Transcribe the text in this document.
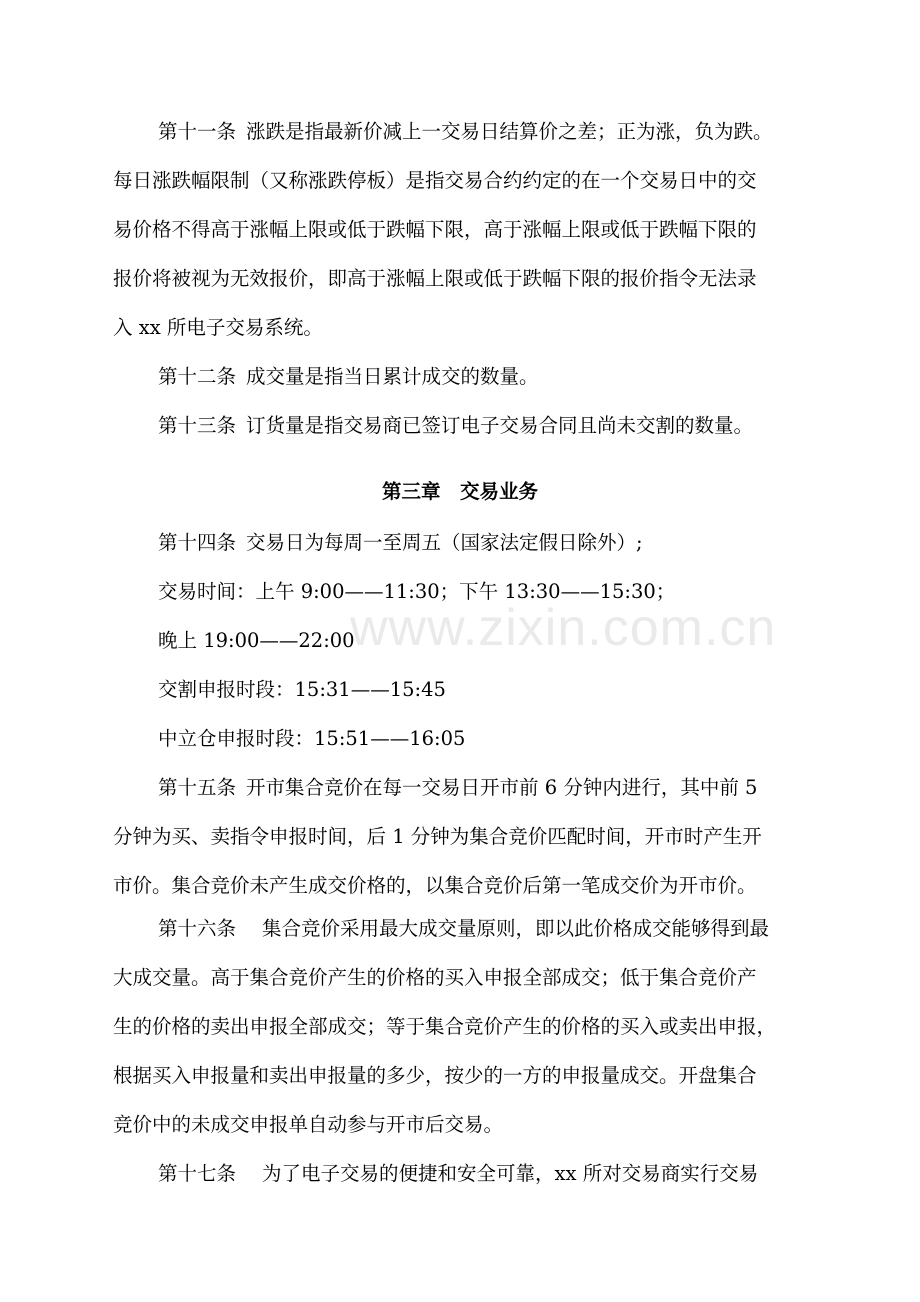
www.zixin.com.cn
第十一条 涨跌是指最新价减上一交易日结算价之差；正为涨，负为跌。
每日涨跌幅限制（又称涨跌停板）是指交易合约约定的在一个交易日中的交
易价格不得高于涨幅上限或低于跌幅下限，高于涨幅上限或低于跌幅下限的
报价将被视为无效报价，即高于涨幅上限或低于跌幅下限的报价指令无法录
入 xx 所电子交易系统。
第十二条 成交量是指当日累计成交的数量。
第十三条 订货量是指交易商已签订电子交易合同且尚未交割的数量。
第三章　交易业务
第十四条 交易日为每周一至周五（国家法定假日除外）;
交易时间：上午 9:00——11:30；下午 13:30——15:30；
晚上 19:00——22:00
交割申报时段：15:31——15:45
中立仓申报时段：15:51——16:05
第十五条 开市集合竞价在每一交易日开市前 6 分钟内进行，其中前 5
分钟为买、卖指令申报时间，后 1 分钟为集合竞价匹配时间，开市时产生开
市价。集合竞价未产生成交价格的，以集合竞价后第一笔成交价为开市价。
第十六条 集合竞价采用最大成交量原则，即以此价格成交能够得到最
大成交量。高于集合竞价产生的价格的买入申报全部成交；低于集合竞价产
生的价格的卖出申报全部成交；等于集合竞价产生的价格的买入或卖出申报，
根据买入申报量和卖出申报量的多少，按少的一方的申报量成交。开盘集合
竞价中的未成交申报单自动参与开市后交易。
第十七条 为了电子交易的便捷和安全可靠，xx 所对交易商实行交易
